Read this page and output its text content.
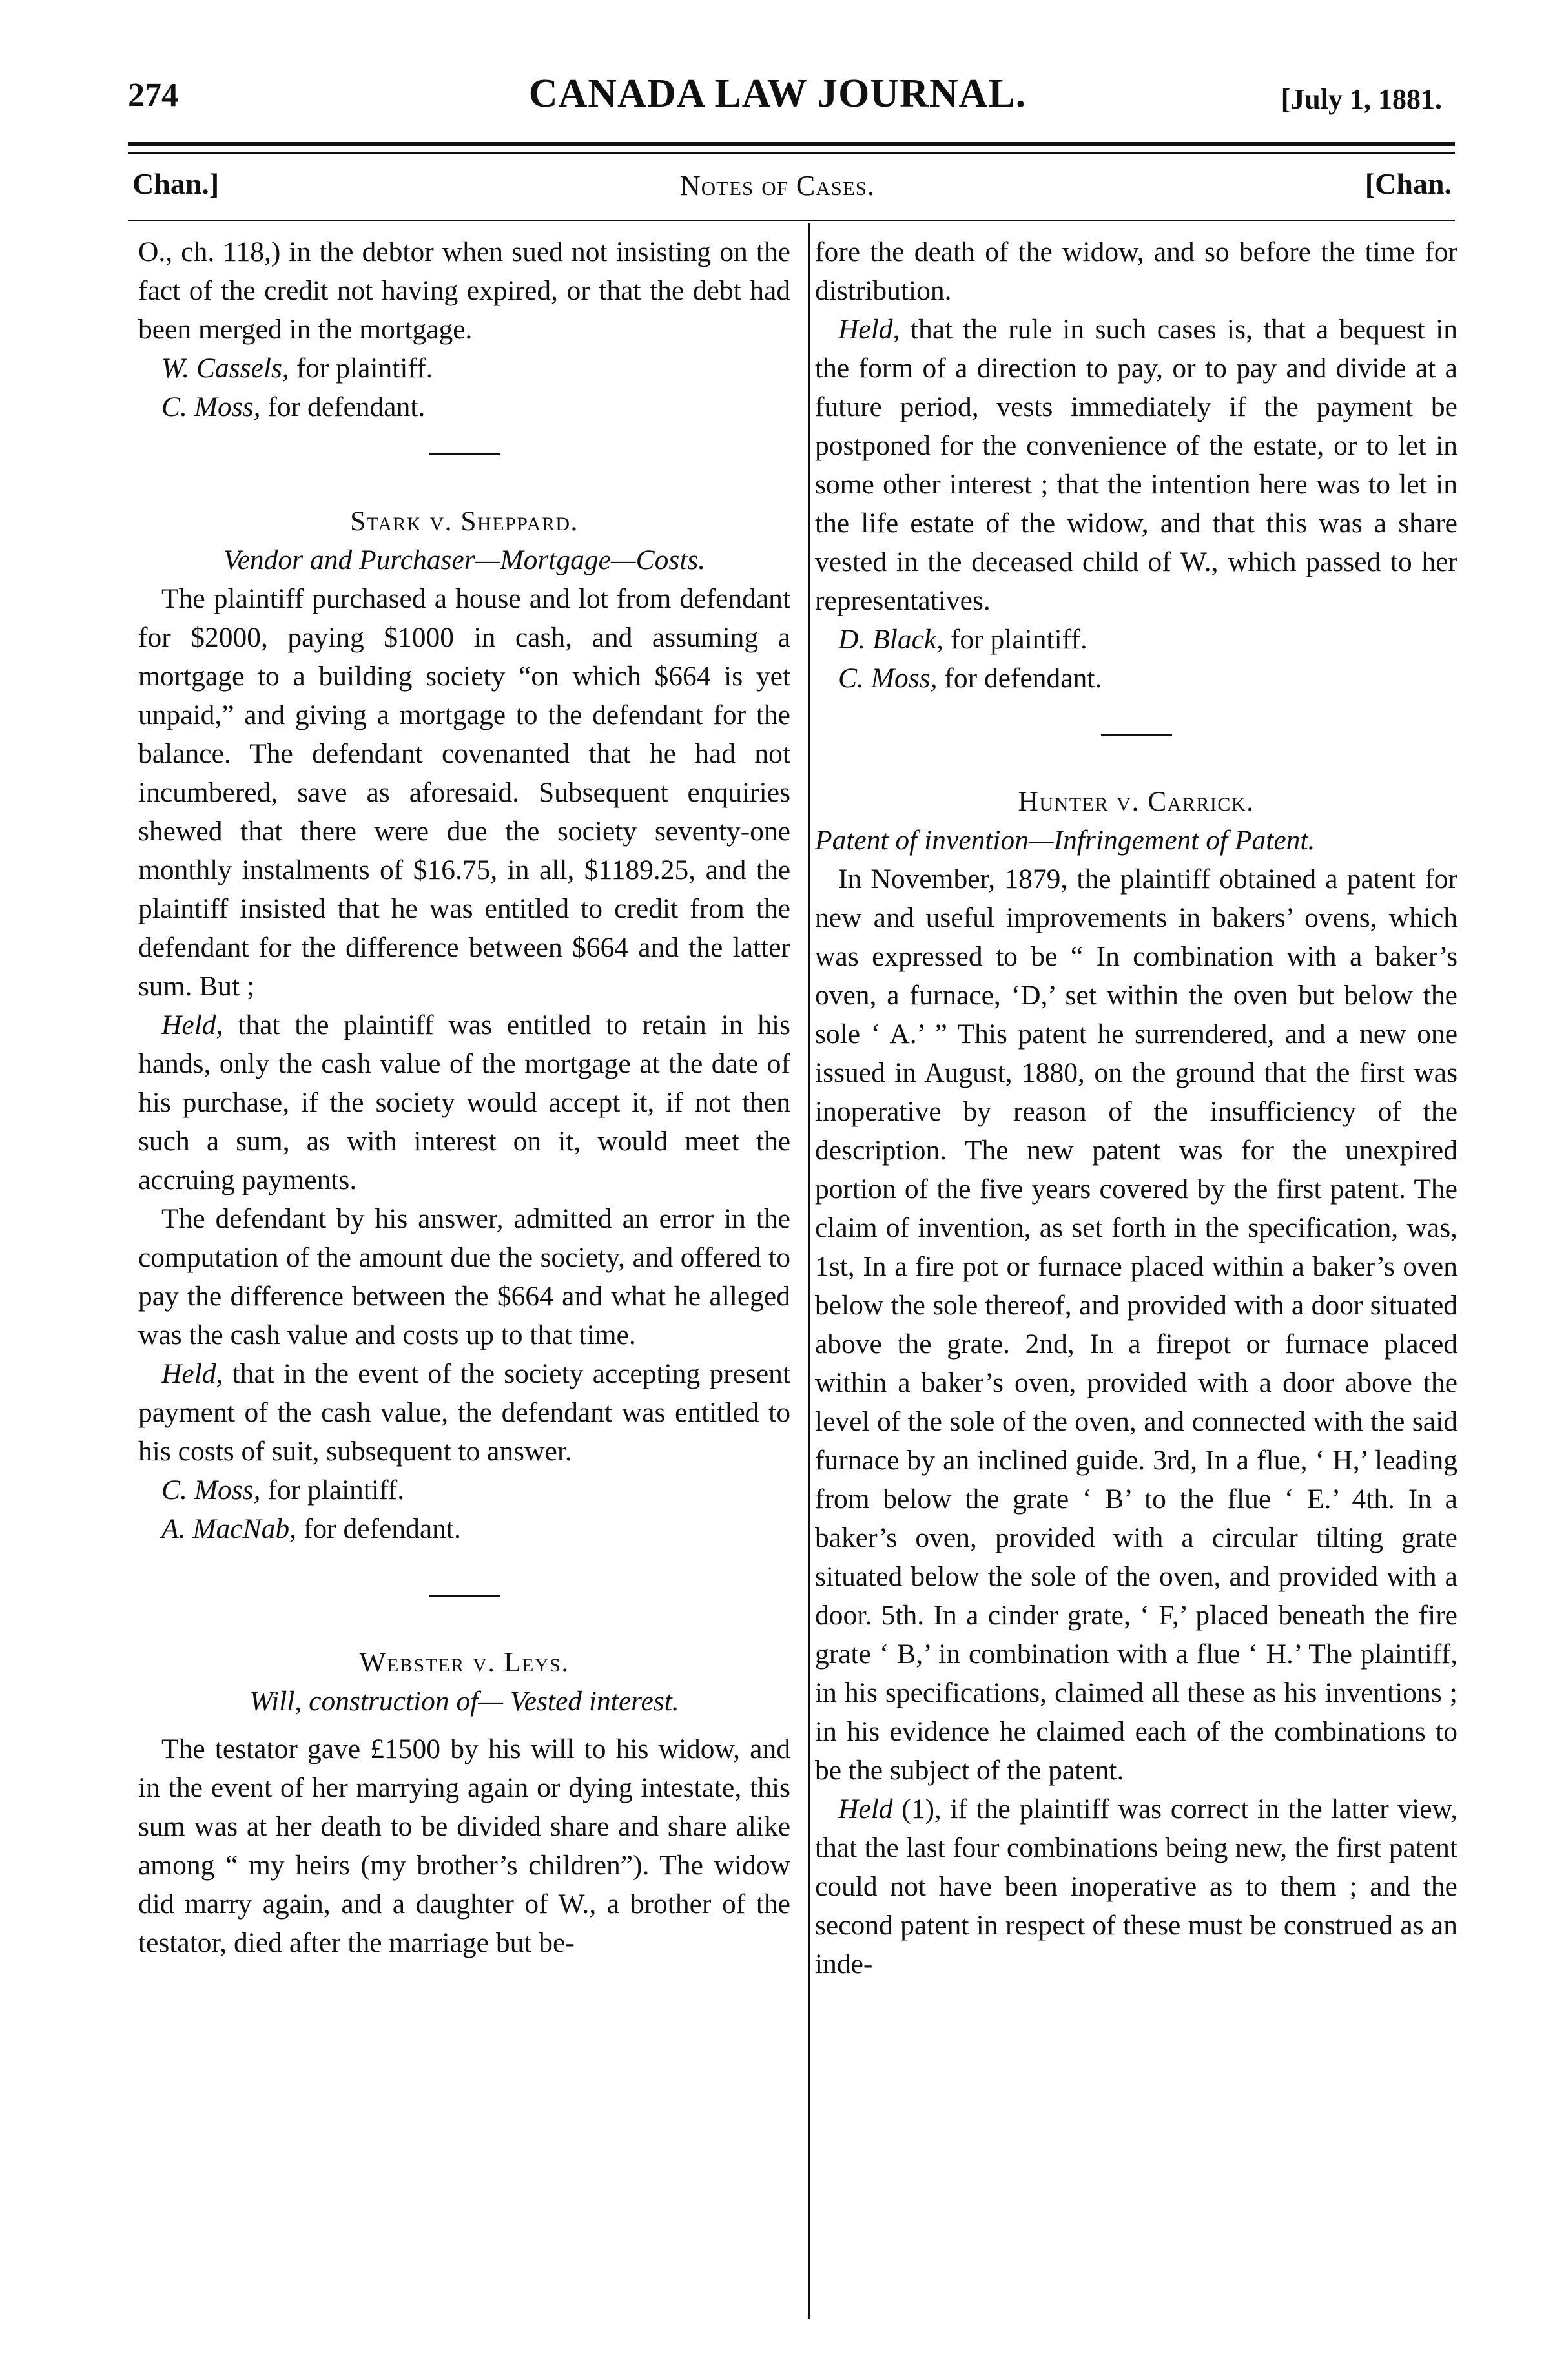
274	CANADA LAW JOURNAL.	[July 1, 1881.
Chan.]	Notes of Cases.	[Chan.

O., ch. 118,) in the debtor when sued not insisting on the fact of the credit not having expired, or that the debt had been merged in the mortgage.

W. Cassels, for plaintiff.

C. Moss, for defendant.

Stark v. Sheppard.

Vendor and Purchaser—Mortgage—Costs.

The plaintiff purchased a house and lot from defendant for $2000, paying $1000 in cash, and assuming a mortgage to a building society “on which $664 is yet unpaid,” and giving a mortgage to the defendant for the balance. The defendant covenanted that he had not incumbered, save as aforesaid. Subsequent enquiries shewed that there were due the society seventy-one monthly instalments of $16.75, in all, $1189.25, and the plaintiff insisted that he was entitled to credit from the defendant for the difference between $664 and the latter sum. But ;

Held, that the plaintiff was entitled to retain in his hands, only the cash value of the mortgage at the date of his purchase, if the society would accept it, if not then such a sum, as with interest on it, would meet the accruing payments.

The defendant by his answer, admitted an error in the computation of the amount due the society, and offered to pay the difference between the $664 and what he alleged was the cash value and costs up to that time.

Held, that in the event of the society accepting present payment of the cash value, the defendant was entitled to his costs of suit, subsequent to answer.

C. Moss, for plaintiff.

A. MacNab, for defendant.

Webster v. Leys.

Will, construction of— Vested interest.

The testator gave £1500 by his will to his widow, and in the event of her marrying again or dying intestate, this sum was at her death to be divided share and share alike among “ my heirs (my brother’s children”). The widow did marry again, and a daughter of W., a brother of the testator, died after the marriage but be-

fore the death of the widow, and so before the time for distribution.

Held, that the rule in such cases is, that a bequest in the form of a direction to pay, or to pay and divide at a future period, vests immediately if the payment be postponed for the convenience of the estate, or to let in some other interest ; that the intention here was to let in the life estate of the widow, and that this was a share vested in the deceased child of W., which passed to her representatives.

D. Black, for plaintiff.

C. Moss, for defendant.

Hunter v. Carrick.

Patent of invention—Infringement of Patent.

In November, 1879, the plaintiff obtained a patent for new and useful improvements in bakers’ ovens, which was expressed to be “ In combination with a baker’s oven, a furnace, ‘D,’ set within the oven but below the sole ‘ A.’ ” This patent he surrendered, and a new one issued in August, 1880, on the ground that the first was inoperative by reason of the insufficiency of the description. The new patent was for the unexpired portion of the five years covered by the first patent. The claim of invention, as set forth in the specification, was, 1st, In a fire pot or furnace placed within a baker’s oven below the sole thereof, and provided with a door situated above the grate. 2nd, In a firepot or furnace placed within a baker’s oven, provided with a door above the level of the sole of the oven, and connected with the said furnace by an inclined guide. 3rd, In a flue, ‘ H,’ leading from below the grate ‘ B’ to the flue ‘ E.’ 4th. In a baker’s oven, provided with a circular tilting grate situated below the sole of the oven, and provided with a door. 5th. In a cinder grate, ‘ F,’ placed beneath the fire grate ‘ B,’ in combination with a flue ‘ H.’ The plaintiff, in his specifications, claimed all these as his inventions ; in his evidence he claimed each of the combinations to be the subject of the patent.

Held (1), if the plaintiff was correct in the latter view, that the last four combinations being new, the first patent could not have been inoperative as to them ; and the second patent in respect of these must be construed as an inde-
